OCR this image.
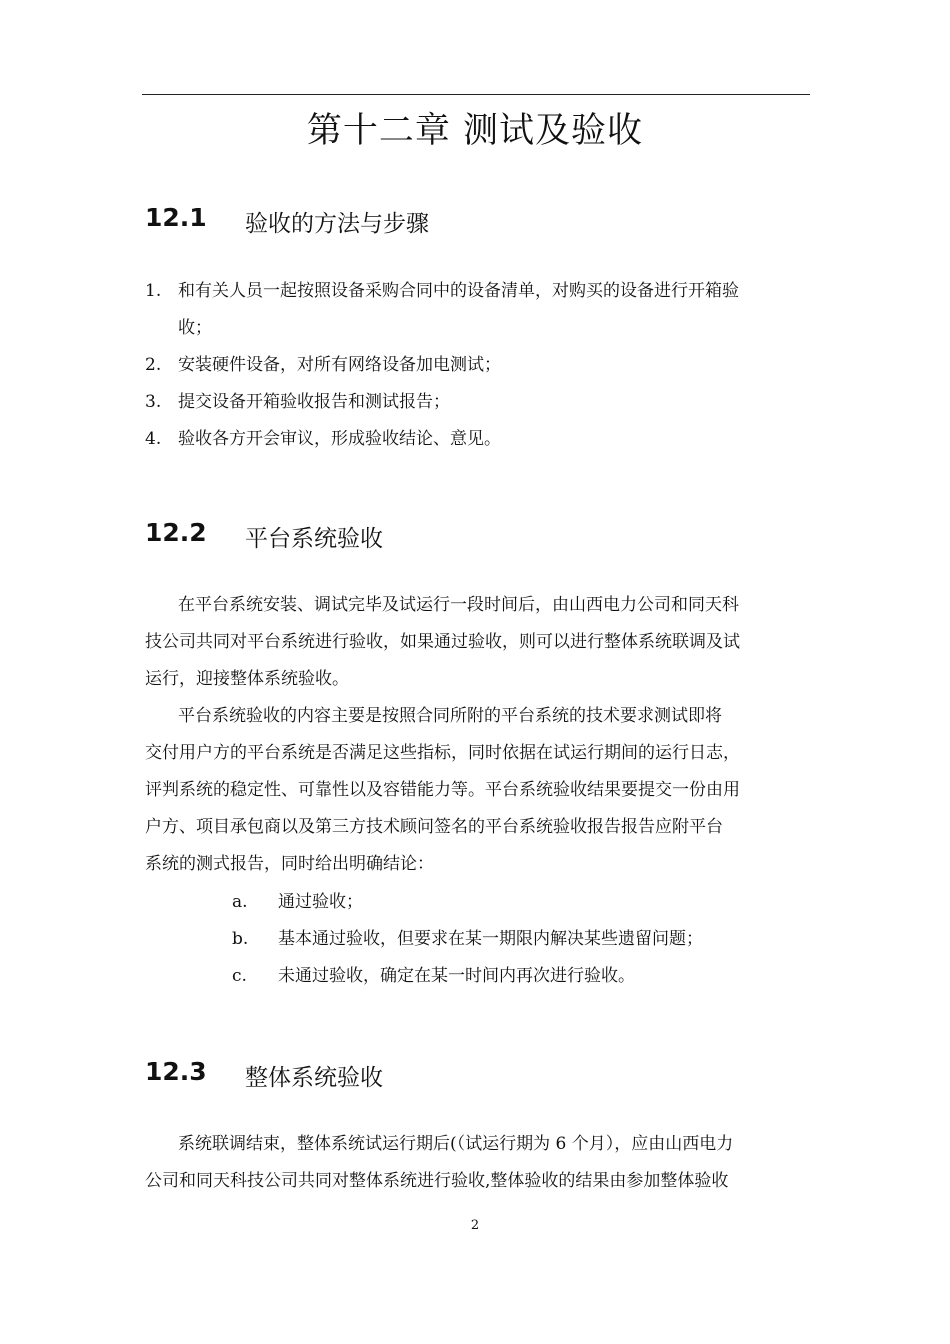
第十二章 测试及验收
12.1 验收的方法与步骤
1. 和有关人员一起按照设备采购合同中的设备清单，对购买的设备进行开箱验
收；
2. 安装硬件设备，对所有网络设备加电测试；
3. 提交设备开箱验收报告和测试报告；
4. 验收各方开会审议，形成验收结论、意见。
12.2 平台系统验收
在平台系统安装、调试完毕及试运行一段时间后，由山西电力公司和同天科
技公司共同对平台系统进行验收，如果通过验收，则可以进行整体系统联调及试
运行，迎接整体系统验收。
平台系统验收的内容主要是按照合同所附的平台系统的技术要求测试即将
交付用户方的平台系统是否满足这些指标，同时依据在试运行期间的运行日志，
评判系统的稳定性、可靠性以及容错能力等。平台系统验收结果要提交一份由用
户方、项目承包商以及第三方技术顾问签名的平台系统验收报告报告应附平台
系统的测式报告，同时给出明确结论：
a. 通过验收；
b. 基本通过验收，但要求在某一期限内解决某些遗留问题；
c. 未通过验收，确定在某一时间内再次进行验收。
12.3 整体系统验收
系统联调结束，整体系统试运行期后(（试运行期为 6 个月），应由山西电力
公司和同天科技公司共同对整体系统进行验收,整体验收的结果由参加整体验收
2
